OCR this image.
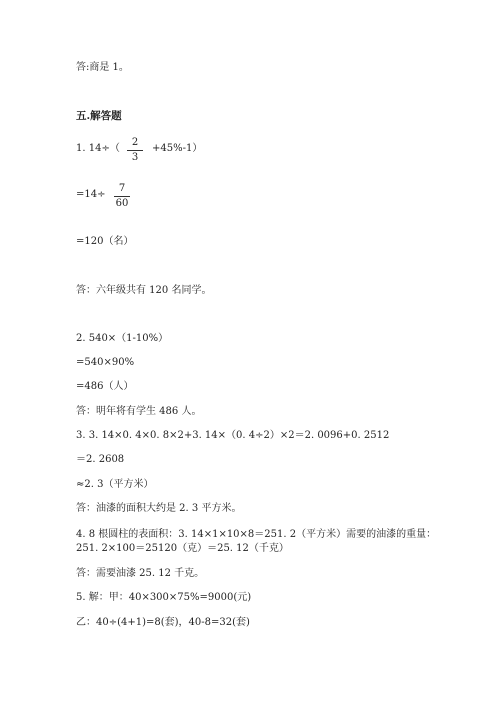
答:商是 1。
五.解答题
1. 14÷（
2
3
+45%-1）
=14÷
7
60
=120（名）
答：六年级共有 120 名同学。
2. 540×（1-10%）
=540×90%
=486（人）
答：明年将有学生 486 人。
3. 3. 14×0. 4×0. 8×2+3. 14×（0. 4÷2）×2＝2. 0096+0. 2512
＝2. 2608
≈2. 3（平方米）
答：油漆的面积大约是 2. 3 平方米。
4. 8 根圆柱的表面积：3. 14×1×10×8＝251. 2（平方米）需要的油漆的重量：
251. 2×100＝25120（克）＝25. 12（千克）
答：需要油漆 25. 12 千克。
5. 解：甲：40×300×75%=9000(元)
乙：40÷(4+1)=8(套)，40-8=32(套)
